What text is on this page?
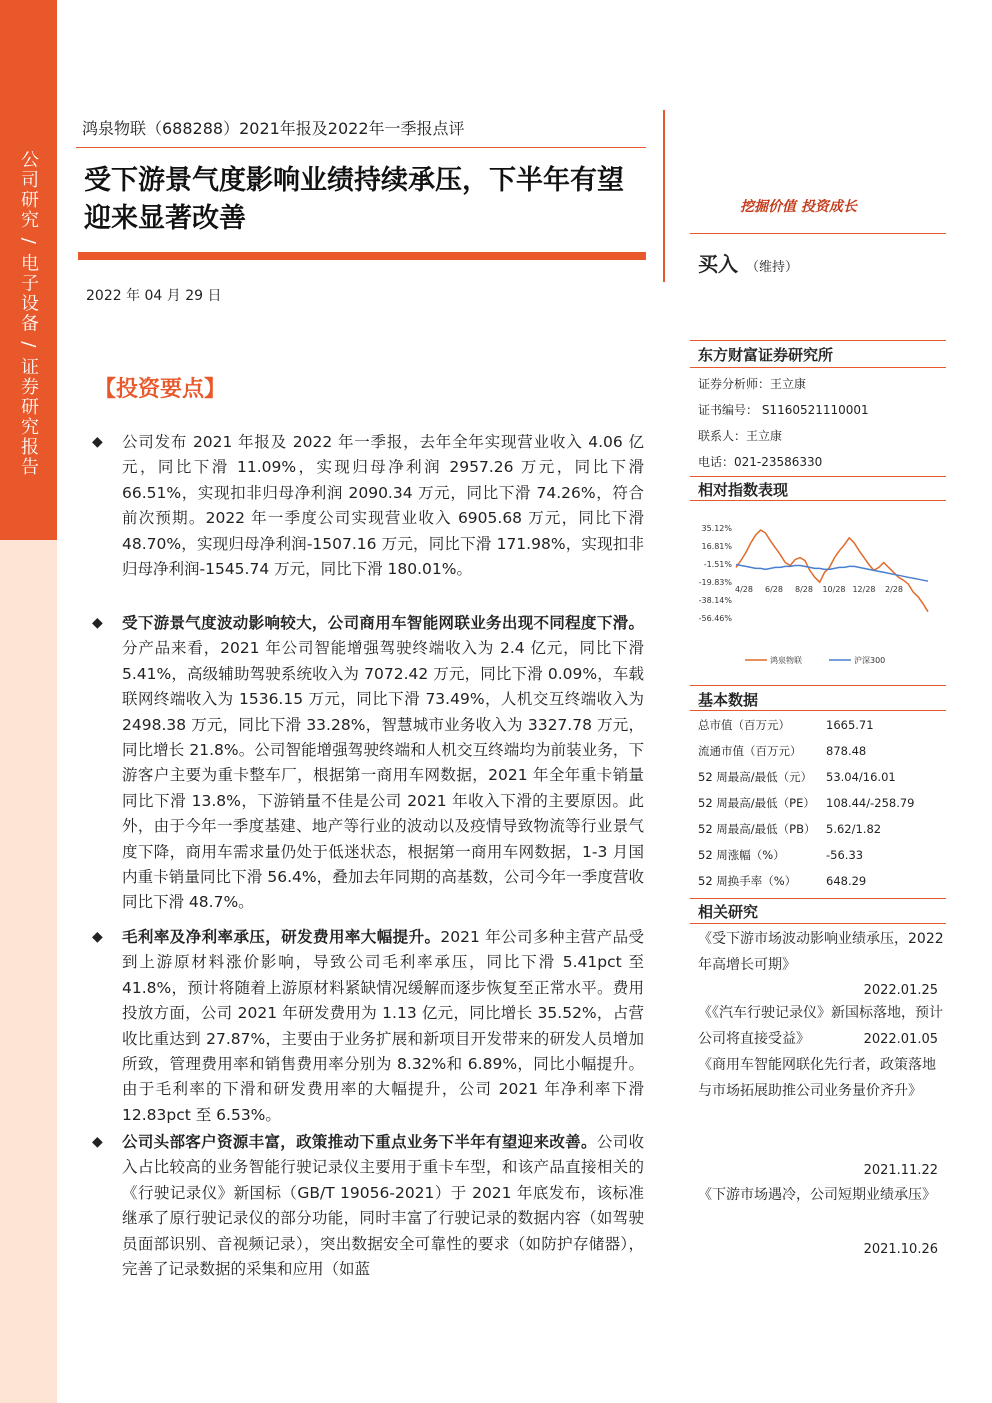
公司研究 / 电子设备 / 证券研究报告
鸿泉物联（688288）2021年报及2022年一季报点评
受下游景气度影响业绩持续承压，下半年有望迎来显著改善
2022 年 04 月 29 日
【投资要点】
◆	公司发布 2021 年报及 2022 年一季报，去年全年实现营业收入 4.06 亿元，同比下滑 11.09%，实现归母净利润 2957.26 万元，同比下滑 66.51%，实现扣非归母净利润 2090.34 万元，同比下滑 74.26%，符合前次预期。2022 年一季度公司实现营业收入 6905.68 万元，同比下滑 48.70%，实现归母净利润-1507.16 万元，同比下滑 171.98%，实现扣非归母净利润-1545.74 万元，同比下滑 180.01%。
◆	受下游景气度波动影响较大，公司商用车智能网联业务出现不同程度下滑。分产品来看，2021 年公司智能增强驾驶终端收入为 2.4 亿元，同比下滑 5.41%，高级辅助驾驶系统收入为 7072.42 万元，同比下滑 0.09%，车载联网终端收入为 1536.15 万元，同比下滑 73.49%，人机交互终端收入为 2498.38 万元，同比下滑 33.28%，智慧城市业务收入为 3327.78 万元，同比增长 21.8%。公司智能增强驾驶终端和人机交互终端均为前装业务，下游客户主要为重卡整车厂，根据第一商用车网数据，2021 年全年重卡销量同比下滑 13.8%，下游销量不佳是公司 2021 年收入下滑的主要原因。此外，由于今年一季度基建、地产等行业的波动以及疫情导致物流等行业景气度下降，商用车需求量仍处于低迷状态，根据第一商用车网数据，1-3 月国内重卡销量同比下滑 56.4%，叠加去年同期的高基数，公司今年一季度营收同比下滑 48.7%。
◆	毛利率及净利率承压，研发费用率大幅提升。2021 年公司多种主营产品受到上游原材料涨价影响，导致公司毛利率承压，同比下滑 5.41pct 至 41.8%，预计将随着上游原材料紧缺情况缓解而逐步恢复至正常水平。费用投放方面，公司 2021 年研发费用为 1.13 亿元，同比增长 35.52%，占营收比重达到 27.87%，主要由于业务扩展和新项目开发带来的研发人员增加所致，管理费用率和销售费用率分别为 8.32%和 6.89%，同比小幅提升。由于毛利率的下滑和研发费用率的大幅提升，公司 2021 年净利率下滑 12.83pct 至 6.53%。
◆	公司头部客户资源丰富，政策推动下重点业务下半年有望迎来改善。公司收入占比较高的业务智能行驶记录仪主要用于重卡车型，和该产品直接相关的《行驶记录仪》新国标（GB/T 19056-2021）于 2021 年底发布，该标准继承了原行驶记录仪的部分功能，同时丰富了行驶记录的数据内容（如驾驶员面部识别、音视频记录），突出数据安全可靠性的要求（如防护存储器），完善了记录数据的采集和应用（如蓝
挖掘价值 投资成长
买入 （维持）
东方财富证券研究所
证券分析师：王立康
证书编号： S1160521110001
联系人：王立康
电话：021-23586330
相对指数表现
35.12%
16.81%
-1.51%
-19.83%
-38.14%
-56.46%
4/28 6/28 8/28 10/28 12/28 2/28
鸿泉物联	沪深300
基本数据
总市值（百万元）	1665.71
流通市值（百万元） 878.48
52 周最高/最低（元） 53.04/16.01
52 周最高/最低（PE） 108.44/-258.79
52 周最高/最低（PB） 5.62/1.82
52 周涨幅（%）	-56.33
52 周换手率（%）	648.29
相关研究
《受下游市场波动影响业绩承压，2022 年高增长可期》
2022.01.25
《《汽车行驶记录仪》新国标落地，预计公司将直接受益》	2022.01.05
《商用车智能网联化先行者，政策落地与市场拓展助推公司业务量价齐升》
2021.11.22
《下游市场遇冷，公司短期业绩承压》
2021.10.26
